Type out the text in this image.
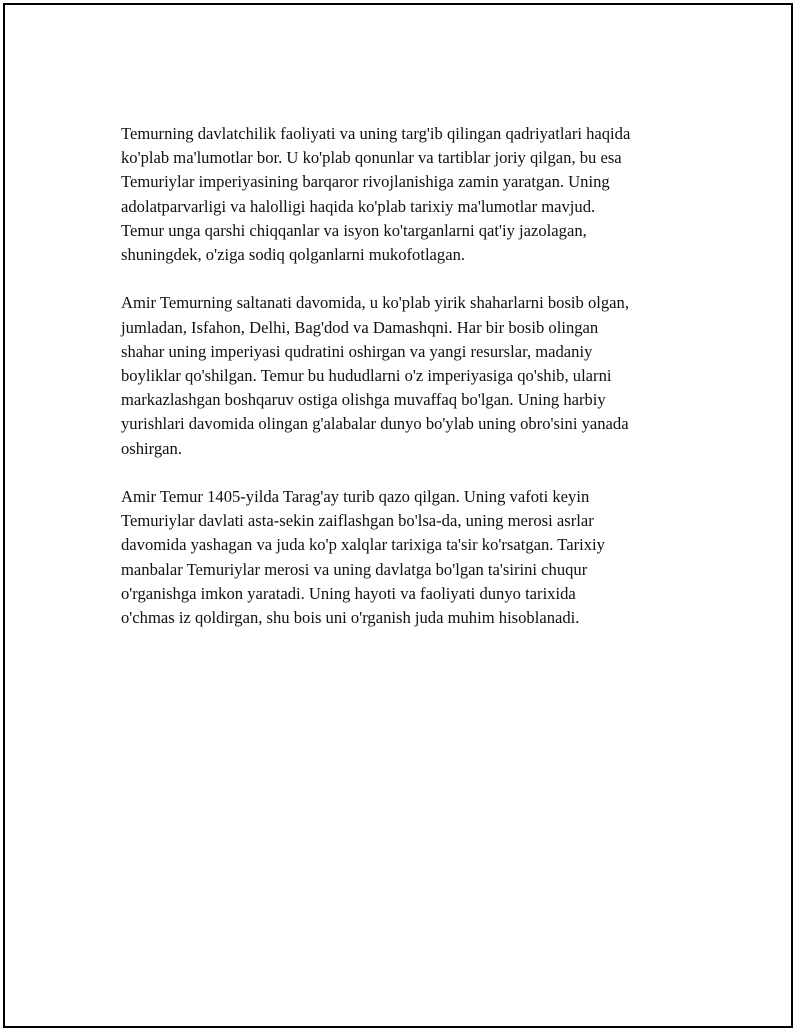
Temurning davlatchilik faoliyati va uning targ'ib qilingan qadriyatlari haqida
ko'plab ma'lumotlar bor. U ko'plab qonunlar va tartiblar joriy qilgan, bu esa
Temuriylar imperiyasining barqaror rivojlanishiga zamin yaratgan. Uning
adolatparvarligi va halolligi haqida ko'plab tarixiy ma'lumotlar mavjud.
Temur unga qarshi chiqqanlar va isyon ko'targanlarni qat'iy jazolagan,
shuningdek, o'ziga sodiq qolganlarni mukofotlagan.

Amir Temurning saltanati davomida, u ko'plab yirik shaharlarni bosib olgan,
jumladan, Isfahon, Delhi, Bag'dod va Damashqni. Har bir bosib olingan
shahar uning imperiyasi qudratini oshirgan va yangi resurslar, madaniy
boyliklar qo'shilgan. Temur bu hududlarni o'z imperiyasiga qo'shib, ularni
markazlashgan boshqaruv ostiga olishga muvaffaq bo'lgan. Uning harbiy
yurishlari davomida olingan g'alabalar dunyo bo'ylab uning obro'sini yanada
oshirgan.

Amir Temur 1405-yilda Tarag'ay turib qazo qilgan. Uning vafoti keyin
Temuriylar davlati asta-sekin zaiflashgan bo'lsa-da, uning merosi asrlar
davomida yashagan va juda ko'p xalqlar tarixiga ta'sir ko'rsatgan. Tarixiy
manbalar Temuriylar merosi va uning davlatga bo'lgan ta'sirini chuqur
o'rganishga imkon yaratadi. Uning hayoti va faoliyati dunyo tarixida
o'chmas iz qoldirgan, shu bois uni o'rganish juda muhim hisoblanadi.
